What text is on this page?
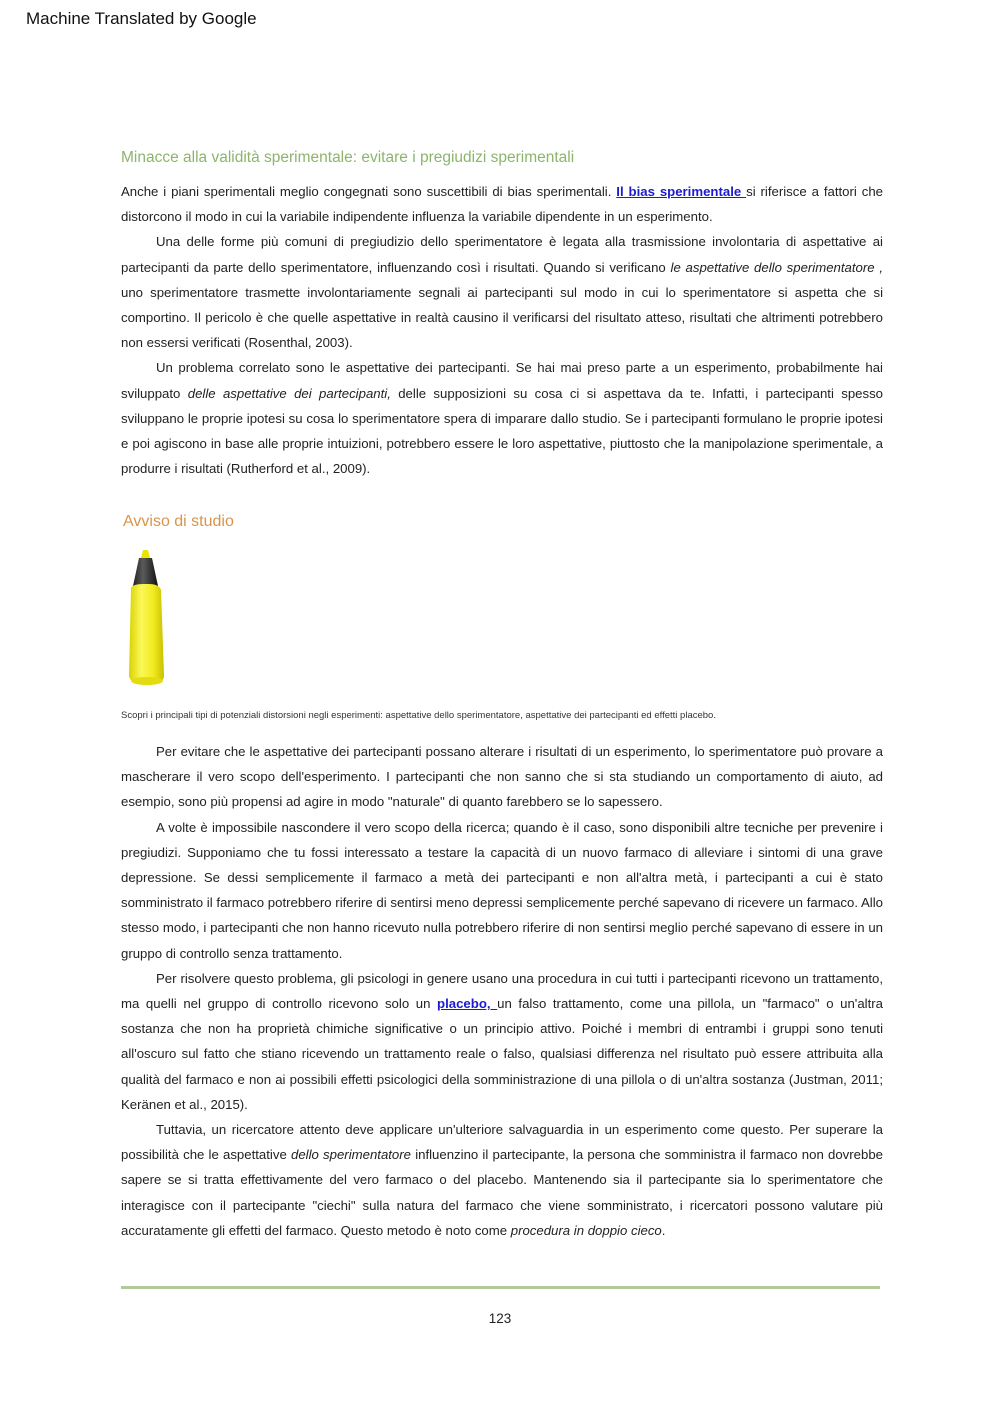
Machine Translated by Google
Minacce alla validità sperimentale: evitare i pregiudizi sperimentali

Anche i piani sperimentali meglio congegnati sono suscettibili di bias sperimentali. Il bias sperimentale si riferisce a fattori che distorcono il modo in cui la variabile indipendente influenza la variabile dipendente in un esperimento.

Una delle forme più comuni di pregiudizio dello sperimentatore è legata alla trasmissione involontaria di aspettative ai partecipanti da parte dello sperimentatore, influenzando così i risultati. Quando si verificano le aspettative dello sperimentatore , uno sperimentatore trasmette involontariamente segnali ai partecipanti sul modo in cui lo sperimentatore si aspetta che si comportino. Il pericolo è che quelle aspettative in realtà causino il verificarsi del risultato atteso, risultati che altrimenti potrebbero non essersi verificati (Rosenthal, 2003).

Un problema correlato sono le aspettative dei partecipanti. Se hai mai preso parte a un esperimento, probabilmente hai sviluppato delle aspettative dei partecipanti, delle supposizioni su cosa ci si aspettava da te. Infatti, i partecipanti spesso sviluppano le proprie ipotesi su cosa lo sperimentatore spera di imparare dallo studio. Se i partecipanti formulano le proprie ipotesi e poi agiscono in base alle proprie intuizioni, potrebbero essere le loro aspettative, piuttosto che la manipolazione sperimentale, a produrre i risultati (Rutherford et al., 2009).

Avviso di studio
Scopri i principali tipi di potenziali distorsioni negli esperimenti: aspettative dello sperimentatore, aspettative dei partecipanti ed effetti placebo.

Per evitare che le aspettative dei partecipanti possano alterare i risultati di un esperimento, lo sperimentatore può provare a mascherare il vero scopo dell'esperimento. I partecipanti che non sanno che si sta studiando un comportamento di aiuto, ad esempio, sono più propensi ad agire in modo "naturale" di quanto farebbero se lo sapessero.

A volte è impossibile nascondere il vero scopo della ricerca; quando è il caso, sono disponibili altre tecniche per prevenire i pregiudizi. Supponiamo che tu fossi interessato a testare la capacità di un nuovo farmaco di alleviare i sintomi di una grave depressione. Se dessi semplicemente il farmaco a metà dei partecipanti e non all'altra metà, i partecipanti a cui è stato somministrato il farmaco potrebbero riferire di sentirsi meno depressi semplicemente perché sapevano di ricevere un farmaco. Allo stesso modo, i partecipanti che non hanno ricevuto nulla potrebbero riferire di non sentirsi meglio perché sapevano di essere in un gruppo di controllo senza trattamento.

Per risolvere questo problema, gli psicologi in genere usano una procedura in cui tutti i partecipanti ricevono un trattamento, ma quelli nel gruppo di controllo ricevono solo un placebo, un falso trattamento, come una pillola, un "farmaco" o un'altra sostanza che non ha proprietà chimiche significative o un principio attivo. Poiché i membri di entrambi i gruppi sono tenuti all'oscuro sul fatto che stiano ricevendo un trattamento reale o falso, qualsiasi differenza nel risultato può essere attribuita alla qualità del farmaco e non ai possibili effetti psicologici della somministrazione di una pillola o di un'altra sostanza (Justman, 2011; Keränen et al., 2015).

Tuttavia, un ricercatore attento deve applicare un'ulteriore salvaguardia in un esperimento come questo. Per superare la possibilità che le aspettative dello sperimentatore influenzino il partecipante, la persona che somministra il farmaco non dovrebbe sapere se si tratta effettivamente del vero farmaco o del placebo. Mantenendo sia il partecipante sia lo sperimentatore che interagisce con il partecipante "ciechi" sulla natura del farmaco che viene somministrato, i ricercatori possono valutare più accuratamente gli effetti del farmaco. Questo metodo è noto come procedura in doppio cieco.

123
